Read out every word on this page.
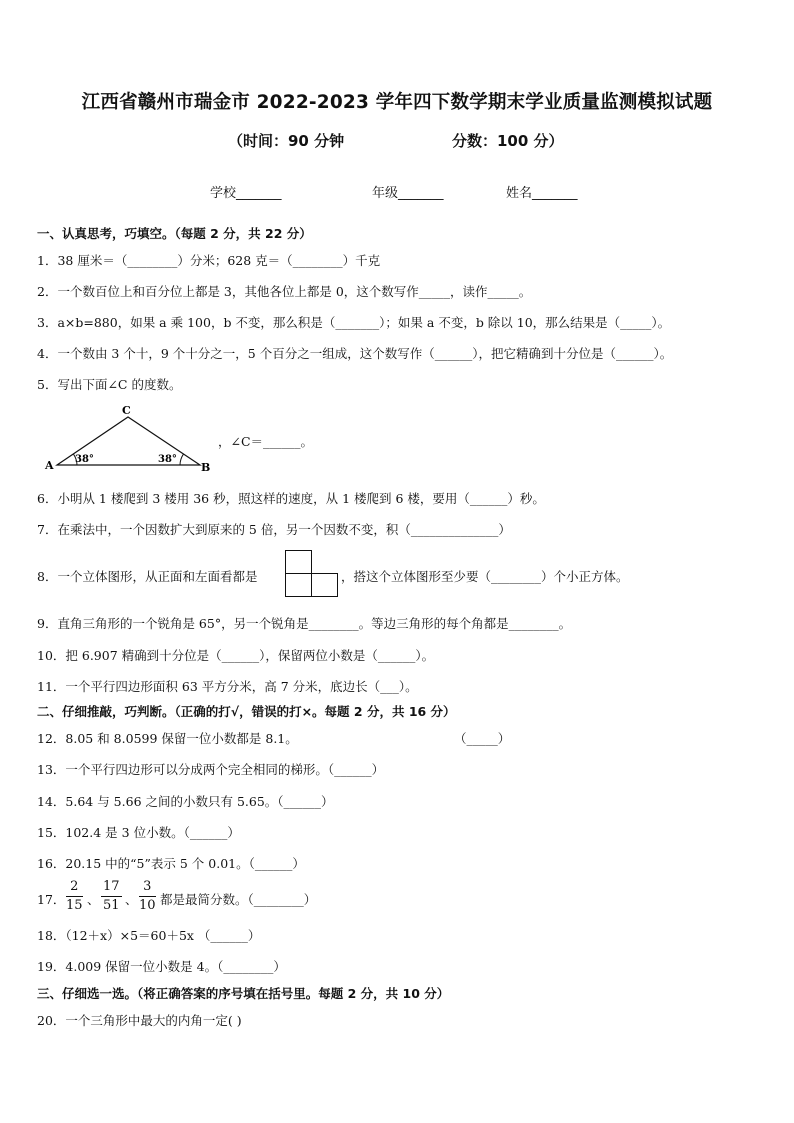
江西省赣州市瑞金市 2022-2023 学年四下数学期末学业质量监测模拟试题
（时间：90 分钟	分数：100 分）
学校_______	年级_______	姓名_______
一、认真思考，巧填空。（每题 2 分，共 22 分）
1．38 厘米＝（________）分米；628 克＝（________）千克
2．一个数百位上和百分位上都是 3，其他各位上都是 0，这个数写作_____，读作_____。
3．a×b=880，如果 a 乘 100，b 不变，那么积是（_______）；如果 a 不变，b 除以 10，那么结果是（_____）。
4．一个数由 3 个十，9 个十分之一，5 个百分之一组成，这个数写作（______），把它精确到十分位是（______）。
5．写出下面∠C 的度数。
A	B
C
38°	38°
，∠C＝______。
6．小明从 1 楼爬到 3 楼用 36 秒，照这样的速度，从 1 楼爬到 6 楼，要用（______）秒。
7．在乘法中，一个因数扩大到原来的 5 倍，另一个因数不变，积（______________）
8．一个立体图形，从正面和左面看都是	，搭这个立体图形至少要（________）个小正方体。
9．直角三角形的一个锐角是 65°，另一个锐角是________。等边三角形的每个角都是________。
10．把 6.907 精确到十分位是（______），保留两位小数是（______）。
11．一个平行四边形面积 63 平方分米，高 7 分米，底边长（___）。
二、仔细推敲，巧判断。（正确的打√，错误的打×。每题 2 分，共 16 分）
12．8.05 和 8.0599 保留一位小数都是 8.1。	（_____）
13．一个平行四边形可以分成两个完全相同的梯形。（______）
14．5.64 与 5.66 之间的小数只有 5.65。（______）
15．102.4 是 3 位小数。（______）
16．20.15 中的“5”表示 5 个 0.01。（______）
17． $\frac{2}{15}$ 、 $\frac{17}{51}$ 、 $\frac{3}{10}$ 都是最简分数。（________）
18．（12＋x）×5＝60＋5x （______）
19．4.009 保留一位小数是 4。（________）
三、仔细选一选。（将正确答案的序号填在括号里。每题 2 分，共 10 分）
20．一个三角形中最大的内角一定( )
